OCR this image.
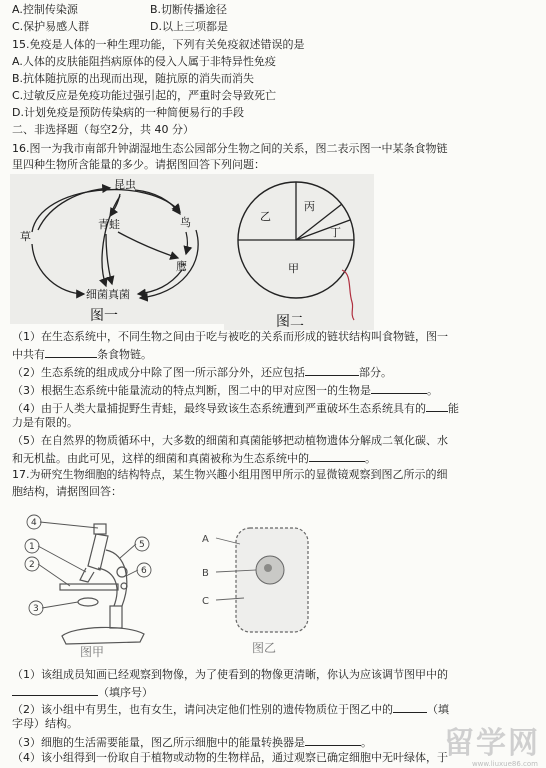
A.控制传染源	B.切断传播途径
C.保护易感人群	D.以上三项都是
15.免疫是人体的一种生理功能，下列有关免疫叙述错误的是
A.人体的皮肤能阻挡病原体的侵入人属于非特异性免疫
B.抗体随抗原的出现而出现，随抗原的消失而消失
C.过敏反应是免疫功能过强引起的，严重时会导致死亡
D.计划免疫是预防传染病的一种简便易行的手段
二、非选择题（每空2分，共 40 分）
16.图一为我市南部升钟湖湿地生态公园部分生物之间的关系，图二表示图一中某条食物链
里四种生物所含能量的多少。请据图回答下列问题：
昆虫
青蛙
草
鸟
鹰
细菌真菌
图一
乙
丙
丁
甲
图二
（1）在生态系统中，不同生物之间由于吃与被吃的关系而形成的链状结构叫食物链，图一
中共有	条食物链。
（2）生态系统的组成成分中除了图一所示部分外，还应包括	部分。
（3）根据生态系统中能量流动的特点判断，图二中的甲对应图一的生物是	。
（4）由于人类大量捕捉野生青蛙，最终导致该生态系统遭到严重破坏生态系统具有的 能
力是有限的。
（5）在自然界的物质循环中，大多数的细菌和真菌能够把动植物遗体分解成二氧化碳、水
和无机盐。由此可见，这样的细菌和真菌被称为生态系统中的	。
17.为研究生物细胞的结构特点，某生物兴趣小组用图甲所示的显微镜观察到图乙所示的细
胞结构，请据图回答：
4
1
2
3
5
6
图甲
A
B
C
图乙
（1）该组成员知画已经观察到物像，为了使看到的物像更清晰，你认为应该调节图甲中的
（填序号）
（2）该小组中有男生，也有女生，请问决定他们性别的遗传物质位于图乙中的	（填
字母）结构。
（3）细胞的生活需要能量，图乙所示细胞中的能量转换器是	。
（4）该小组得到一份取自于植物或动物的生物样品，通过观察已确定细胞中无叶绿体，于
留学网
www.liuxue86.com
